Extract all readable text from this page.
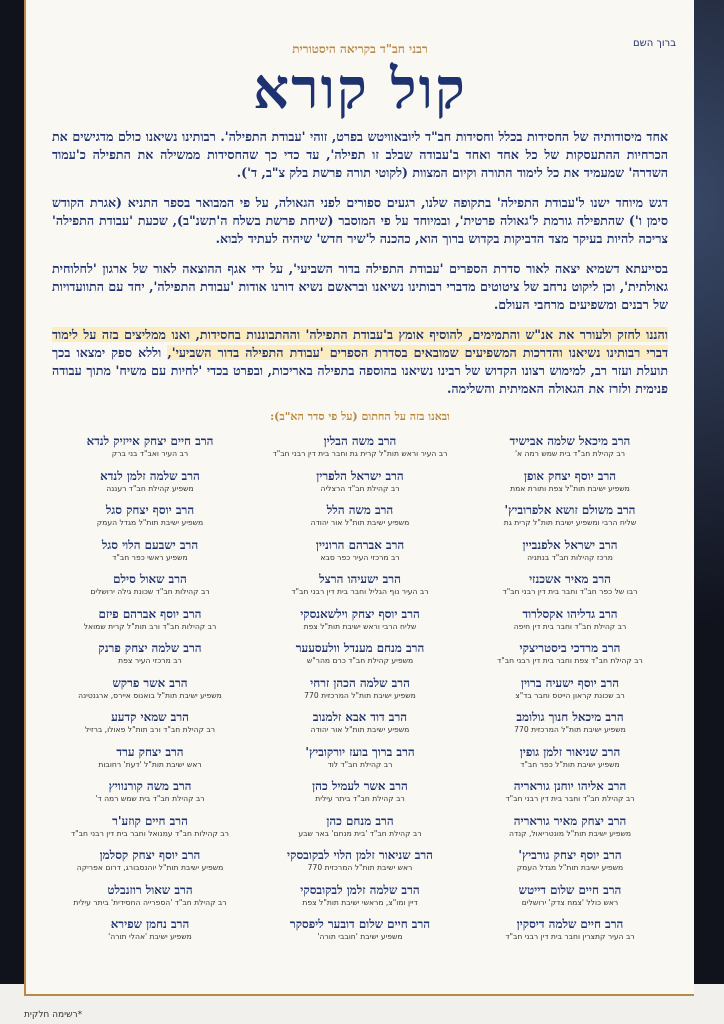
ברוך השם
רבני חב"ד בקריאה היסטורית
קול קורא

אחד מיסודותיה של החסידות בכלל וחסידות חב"ד ליובאוויטש בפרט, זוהי 'עבודת התפילה'. רבותינו נשיאנו כולם מדגישים את הכרחיות ההתעסקות של כל אחד ואחד ב'עבודה שבלב זו תפילה', עד כדי כך שהחסידות ממשילה את התפילה כ'עמוד השדרה' שמעמיד את כל לימוד התורה וקיום המצוות (לקוטי תורה פרשת בלק צ"ב, ד').

דגש מיוחד ישנו ל'עבודת התפילה' בתקופה שלנו, רגעים ספורים לפני הגאולה, על פי המבואר בספר התניא (אגרת הקודש סימן ו') שהתפילה גורמת ל'גאולה פרטית', ובמיוחד על פי המוסבר (שיחת פרשת בשלח ה'תשנ"ב), שכעת 'עבודת התפילה' צריכה להיות בעיקר מצד הדביקות בקדוש ברוך הוא, כהכנה ל'שיר חדש' שיהיה לעתיד לבוא.

בסייעתא דשמיא יצאה לאור סדרת הספרים 'עבודת התפילה בדור השביעי', על ידי אגף ההוצאה לאור של ארגון 'לחלוחית גאולתית', וכן ליקוט נרחב של ציטוטים מדברי רבותינו נשיאנו ובראשם נשיא דורנו אודות 'עבודת התפילה', יחד עם התוועדויות של רבנים ומשפיעים מרחבי העולם.

והננו לחזק ולעורר את אנ"ש והתמימים, להוסיף אומץ ב'עבודת התפילה' וההתבוננות בחסידות, ואנו ממליצים בזה על לימוד דברי רבותינו נשיאנו והדרכות המשפיעים שמובאים בסדרת הספרים 'עבודת התפילה בדור השביעי', וללא ספק ימצאו בכך תועלת ועזר רב, למימוש רצונו הקדוש של רבינו נשיאנו בהוספה בתפילה באריכות, ובפרט בכדי 'לחיות עם משיח' מתוך עבודה פנימית ולזרז את הגאולה האמיתית והשלימה.

ובאנו בזה על החתום (על פי סדר הא"ב):
הרב מיכאל שלמה אבישיד
רב קהילת חב"ד בית שמש רמה א'
הרב יוסף יצחק אופן
משפיע ישיבת תות"ל צפת ותורת אמת
הרב משולם זושא אלפרוביץ'
שליח הרבי ומשפיע ישיבת תות"ל קרית גת
הרב ישראל אלפנביין
מרכז קהילות חב"ד בנתניה
הרב מאיר אשכנזי
רבו של כפר חב"ד וחבר בית דין רבני חב"ד
הרב גדליהו אקסלרוד
רב קהילת חב"ד וחבר בית דין חיפה
הרב מרדכי ביסטריצקי
רב קהילת חב"ד צפת וחבר בית דין רבני חב"ד
הרב יוסף ישעיה ברוין
רב שכונת קראון הייטס וחבר בד"צ
הרב מיכאל חנוך גולומב
משפיע ישיבת תות"ל המרכזית 770
הרב שניאור זלמן גופין
משפיע ישיבת תות"ל כפר חב"ד
הרב אליהו יוחנן גוראריה
רב קהילת חב"ד וחבר בית דין רבני חב"ד
הרב יצחק מאיר גוראריה
משפיע ישיבת תות"ל מונטריאול, קנדה
הרב יוסף יצחק גורביץ'
משפיע ישיבת תות"ל מגדל העמק
הרב חיים שלום דייטש
ראש כולל 'צמח צדק' ירושלים
הרב חיים שלמה דיסקין
רב העיר קתצרין וחבר בית דין רבני חב"ד
הרב משה הבלין
רב העיר וראש תות"ל קרית גת וחבר בית דין רבני חב"ד
הרב ישראל הלפרין
רב קהילת חב"ד הרצליה
הרב משה הלל
משפיע ישיבת תות"ל אור יהודה
הרב אברהם הרוניין
רב מרכזי העיר כפר סבא
הרב ישעיהו הרצל
רב העיר נוף הגליל וחבר בית דין רבני חב"ד
הרב יוסף יצחק וילשאנסקי
שליח הרבי וראש ישיבת תות"ל צפת
הרב מנחם מענדל וולעסעער
משפיע קהילת חב"ד כרם מהר"ש
הרב שלמה הכהן זרחי
משפיע ישיבת תות"ל המרכזית 770
הרב דוד אבא זלמנוב
משפיע ישיבת תות"ל אור יהודה
הרב ברוך בועז יורקוביץ'
רב קהילת חב"ד לוד
הרב אשר לעמיל כהן
רב קהילת חב"ד ביתר עילית
הרב מנחם כהן
רב קהילת חב"ד 'בית מנחם' באר שבע
הרב שניאור זלמן הלוי לבקובסקי
ראש ישיבת תות"ל המרכזית 770
הרב שלמה זלמן לבקובסקי
דיין ומו"צ, מראשי ישיבת תות"ל צפת
הרב חיים שלום דובער ליפסקר
משפיע ישיבת 'חובבי תורה'
הרב חיים יצחק אייזיק לנדא
רב העיר ואב"ד בני ברק
הרב שלמה זלמן לנדא
משפיע קהילת חב"ד רעננה
הרב יוסף יצחק סגל
משפיע ישיבת תות"ל מגדל העמק
הרב ישבעם הלוי סגל
משפיע ראשי כפר חב"ד
הרב שאול סילם
רב קהילות חב"ד שכונת גילה ירושלים
הרב יוסף אברהם פיזם
רב קהילות חב"ד ורב תות"ל קרית שמואל
הרב שלמה יצחק פרנק
רב מרכזי העיר צפת
הרב אשר פרקש
משפיע ישיבת תות"ל בואנוס איירס, ארגנטינה
הרב שמאי קדעע
רב קהילת חב"ד ורב תות"ל פאולו, ברזיל
הרב יצחק ערד
ראש ישיבת תות"ל 'דעת' רחובות
הרב משה קורנוויץ
רב קהילת חב"ד בית שמש רמה ד'
הרב חיים קוזע'ר
רב קהילות חב"ד עמנואל וחבר בית דין רבני חב"ד
הרב יוסף יצחק קסלמן
משפיע ישיבת תות"ל יוהנסבורג, דרום אפריקה
הרב שאול רוזנבלט
רב קהילת חב"ד 'הספרייה החסידית' ביתר עילית
הרב נחמן שפירא
משפיע ישיבת 'אהלי תורה'
*רשימה חלקית
